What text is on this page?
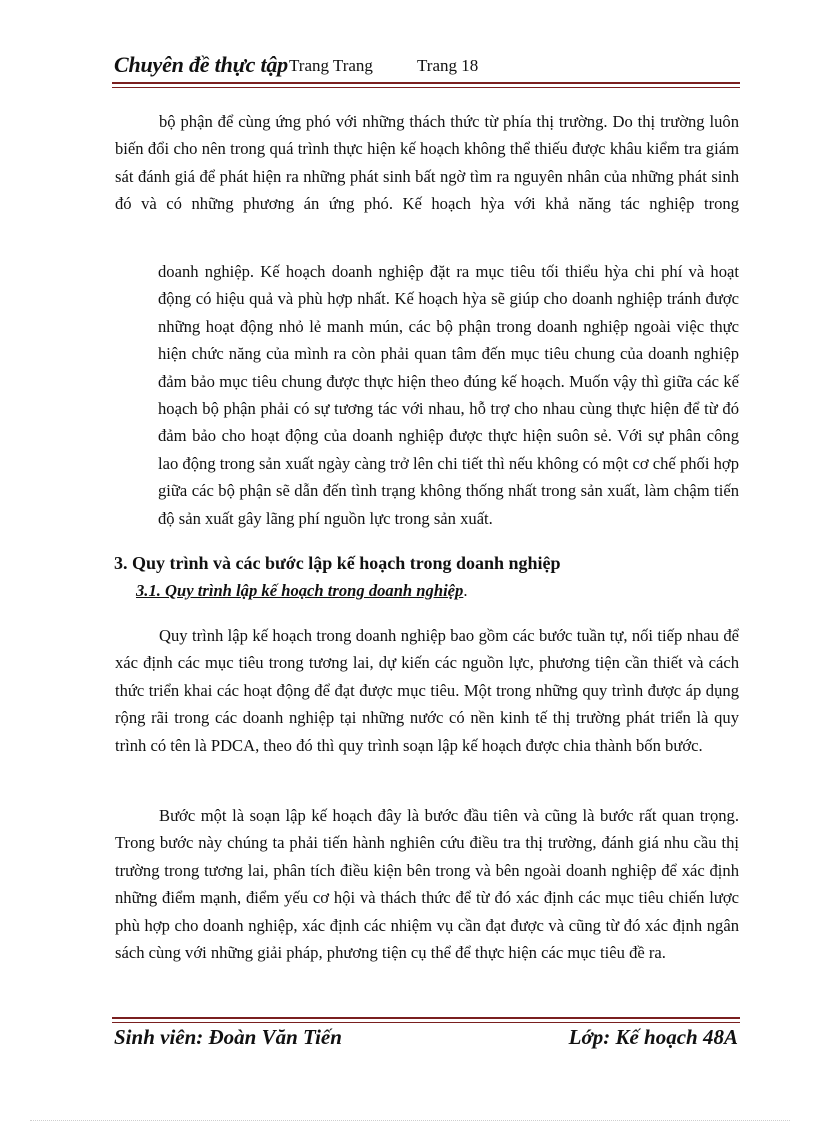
Chuyên đề thực tập Trang Trang	Trang 18
bộ phận để cùng ứng phó với những thách thức từ phía thị trường. Do thị trường luôn biến đổi cho nên trong quá trình thực hiện kế hoạch không thể thiếu được khâu kiểm tra giám sát đánh giá để phát hiện ra những phát sinh bất ngờ tìm ra nguyên nhân của những phát sinh đó và có những phương án ứng phó. Kế hoạch hỳa với khả năng tác nghiệp trong
doanh nghiệp. Kế hoạch doanh nghiệp đặt ra mục tiêu tối thiểu hỳa chi phí và hoạt động có hiệu quả và phù hợp nhất. Kế hoạch hỳa sẽ giúp cho doanh nghiệp tránh được những hoạt động nhỏ lẻ manh mún, các bộ phận trong doanh nghiệp ngoài việc thực hiện chức năng của mình ra còn phải quan tâm đến mục tiêu chung của doanh nghiệp đảm bảo mục tiêu chung được thực hiện theo đúng kế hoạch. Muốn vậy thì giữa các kế hoạch bộ phận phải có sự tương tác với nhau, hỗ trợ cho nhau cùng thực hiện để từ đó đảm bảo cho hoạt động của doanh nghiệp được thực hiện suôn sẻ. Với sự phân công lao động trong sản xuất ngày càng trở lên chi tiết thì nếu không có một cơ chế phối hợp giữa các bộ phận sẽ dẫn đến tình trạng không thống nhất trong sản xuất, làm chậm tiến độ sản xuất gây lãng phí nguồn lực trong sản xuất.
3. Quy trình và các bước lập kế hoạch trong doanh nghiệp
3.1. Quy trình lập kế hoạch trong doanh nghiệp.
Quy trình lập kế hoạch trong doanh nghiệp bao gồm các bước tuần tự, nối tiếp nhau để xác định các mục tiêu trong tương lai, dự kiến các nguồn lực, phương tiện cần thiết và cách thức triển khai các hoạt động để đạt được mục tiêu. Một trong những quy trình được áp dụng rộng rãi trong các doanh nghiệp tại những nước có nền kinh tế thị trường phát triển là quy trình có tên là PDCA, theo đó thì quy trình soạn lập kế hoạch được chia thành bốn bước.
Bước một là soạn lập kế hoạch đây là bước đầu tiên và cũng là bước rất quan trọng. Trong bước này chúng ta phải tiến hành nghiên cứu điều tra thị trường, đánh giá nhu cầu thị trường trong tương lai, phân tích điều kiện bên trong và bên ngoài doanh nghiệp để xác định những điểm mạnh, điểm yếu cơ hội và thách thức để từ đó xác định các mục tiêu chiến lược phù hợp cho doanh nghiệp, xác định các nhiệm vụ cần đạt được và cũng từ đó xác định ngân sách cùng với những giải pháp, phương tiện cụ thể để thực hiện các mục tiêu đề ra.
Sinh viên: Đoàn Văn Tiến	Lớp: Kế hoạch 48A
